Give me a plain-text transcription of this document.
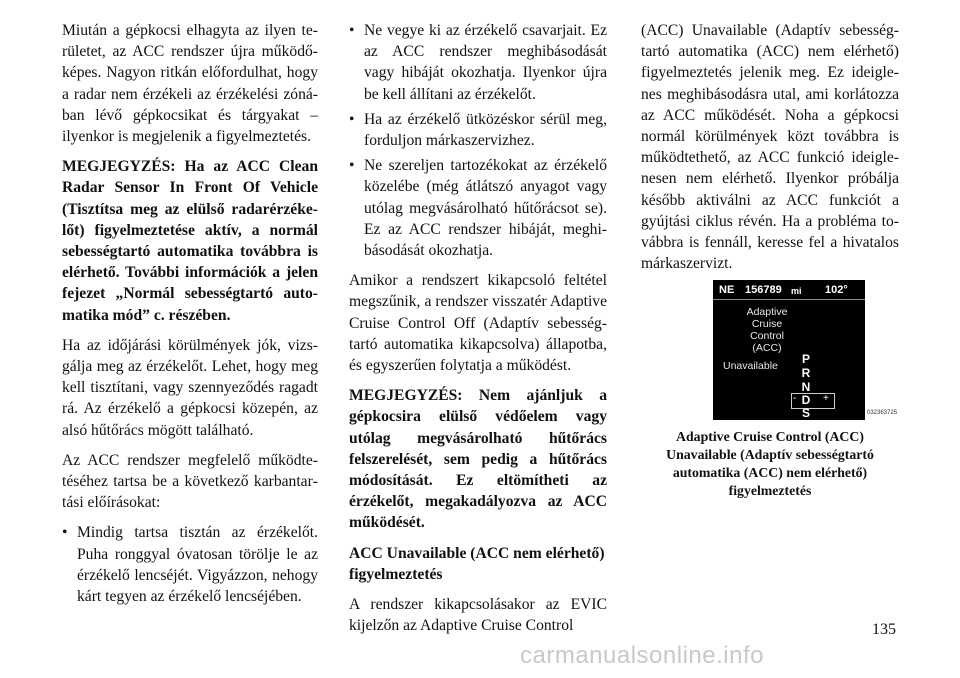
Miután a gépkocsi elhagyta az ilyen területet, az ACC rendszer újra működőképes. Nagyon ritkán előfordulhat, hogy a radar nem érzékeli az érzékelési zónában lévő gépkocsikat és tárgyakat – ilyenkor is megjelenik a figyelmeztetés.

MEGJEGYZÉS: Ha az ACC Clean Radar Sensor In Front Of Vehicle (Tisztítsa meg az elülső radarérzékelőt) figyelmeztetése aktív, a normál sebességtartó automatika továbbra is elérhető. További információk a jelen fejezet „Normál sebességtartó automatika mód” c. részében.

Ha az időjárási körülmények jók, vizsgálja meg az érzékelőt. Lehet, hogy meg kell tisztítani, vagy szennyeződés ragadt rá. Az érzékelő a gépkocsi közepén, az alsó hűtőrács mögött található.

Az ACC rendszer megfelelő működtetéséhez tartsa be a következő karbantartási előírásokat:

• Mindig tartsa tisztán az érzékelőt. Puha ronggyal óvatosan törölje le az érzékelő lencséjét. Vigyázzon, nehogy kárt tegyen az érzékelő lencséjében.
• Ne vegye ki az érzékelő csavarjait. Ez az ACC rendszer meghibásodását vagy hibáját okozhatja. Ilyenkor újra be kell állítani az érzékelőt.
• Ha az érzékelő ütközéskor sérül meg, forduljon márkaszervizhez.
• Ne szereljen tartozékokat az érzékelő közelébe (még átlátszó anyagot vagy utólag megvásárolható hűtőrácsot se). Ez az ACC rendszer hibáját, meghibásodását okozhatja.

Amikor a rendszert kikapcsoló feltétel megszűnik, a rendszer visszatér Adaptive Cruise Control Off (Adaptív sebességtartó automatika kikapcsolva) állapotba, és egyszerűen folytatja a működést.

MEGJEGYZÉS: Nem ajánljuk a gépkocsira elülső védőelem vagy utólag megvásárolható hűtőrács felszerelését, sem pedig a hűtőrács módosítását. Ez eltömítheti az érzékelőt, megakadályozva az ACC működését.

ACC Unavailable (ACC nem elérhető) figyelmeztetés

A rendszer kikapcsolásakor az EVIC kijelzőn az Adaptive Cruise Control

(ACC) Unavailable (Adaptív sebességtartó automatika (ACC) nem elérhető) figyelmeztetés jelenik meg. Ez ideiglenes meghibásodásra utal, ami korlátozza az ACC működését. Noha a gépkocsi normál körülmények közt továbbra is működtethető, az ACC funkció ideiglenesen nem elérhető. Ilyenkor próbálja később aktiválni az ACC funkciót a gyújtási ciklus révén. Ha a probléma továbbra is fennáll, keresse fel a hivatalos márkaszervizt.

NE 156789 mi 102°
Adaptive
Cruise
Control
(ACC)
Unavailable P
R
N
- D +
S	032363725
Adaptive Cruise Control (ACC) Unavailable (Adaptív sebességtartó automatika (ACC) nem elérhető) figyelmeztetés
135
carmanualsonline.info
